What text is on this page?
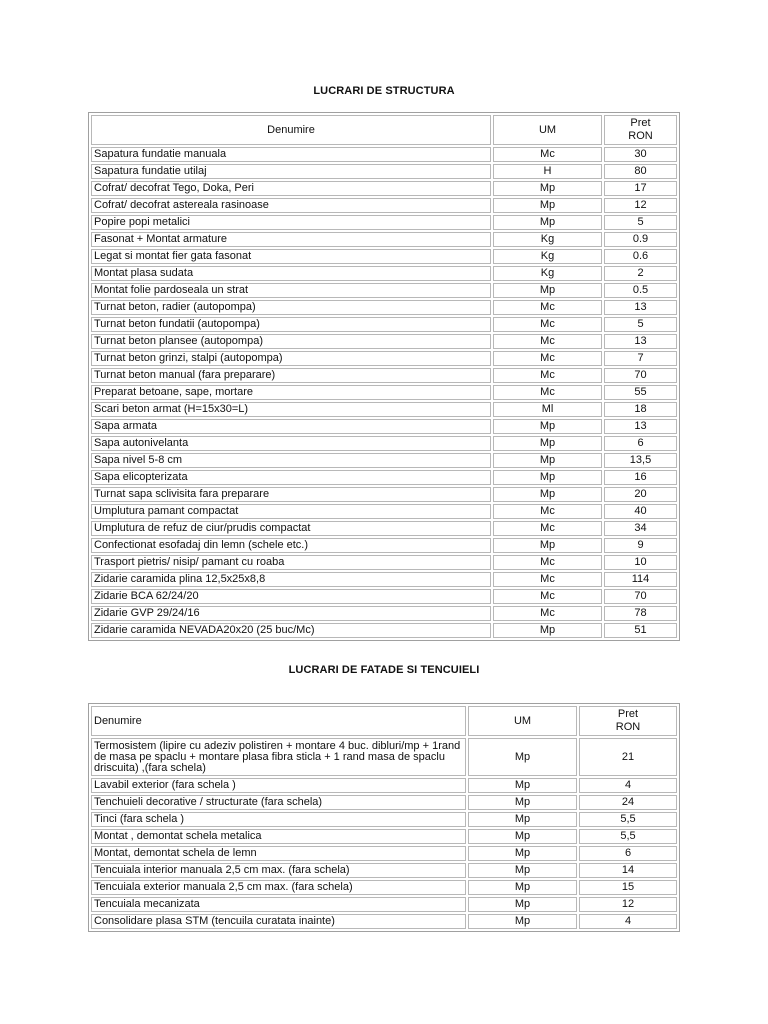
LUCRARI DE STRUCTURA
Denumire	UM	Pret
RON
Sapatura fundatie manuala	Mc	30
Sapatura fundatie utilaj	H	80
Cofrat/ decofrat Tego, Doka, Peri	Mp	17
Cofrat/ decofrat astereala rasinoase	Mp	12
Popire popi metalici	Mp	5
Fasonat + Montat armature	Kg	0.9
Legat si montat fier gata fasonat	Kg	0.6
Montat plasa sudata	Kg	2
Montat folie pardoseala un strat	Mp	0.5
Turnat beton, radier (autopompa)	Mc	13
Turnat beton fundatii (autopompa)	Mc	5
Turnat beton plansee (autopompa)	Mc	13
Turnat beton grinzi, stalpi (autopompa)	Mc	7
Turnat beton manual (fara preparare)	Mc	70
Preparat betoane, sape, mortare	Mc	55
Scari beton armat (H=15x30=L)	Ml	18
Sapa armata	Mp	13
Sapa autonivelanta	Mp	6
Sapa nivel 5-8 cm	Mp	13,5
Sapa elicopterizata	Mp	16
Turnat sapa sclivisita fara preparare	Mp	20
Umplutura pamant compactat	Mc	40
Umplutura de refuz de ciur/prudis compactat	Mc	34
Confectionat esofadaj din lemn (schele etc.)	Mp	9
Trasport pietris/ nisip/ pamant cu roaba	Mc	10
Zidarie caramida plina 12,5x25x8,8	Mc	114
Zidarie BCA 62/24/20	Mc	70
Zidarie GVP 29/24/16	Mc	78
Zidarie caramida NEVADA20x20 (25 buc/Mc)	Mp	51
LUCRARI DE FATADE SI TENCUIELI
Denumire	UM	Pret
RON
Termosistem (lipire cu adeziv polistiren + montare 4 buc. dibluri/mp + 1rand de masa pe spaclu + montare plasa fibra sticla + 1 rand masa de spaclu driscuita) ,(fara schela)	Mp	21
Lavabil exterior (fara schela )	Mp	4
Tenchuieli decorative / structurate (fara schela)	Mp	24
Tinci (fara schela )	Mp	5,5
Montat , demontat schela metalica	Mp	5,5
Montat, demontat schela de lemn	Mp	6
Tencuiala interior manuala 2,5 cm max. (fara schela)	Mp	14
Tencuiala exterior manuala 2,5 cm max. (fara schela)	Mp	15
Tencuiala mecanizata	Mp	12
Consolidare plasa STM (tencuila curatata inainte)	Mp	4
